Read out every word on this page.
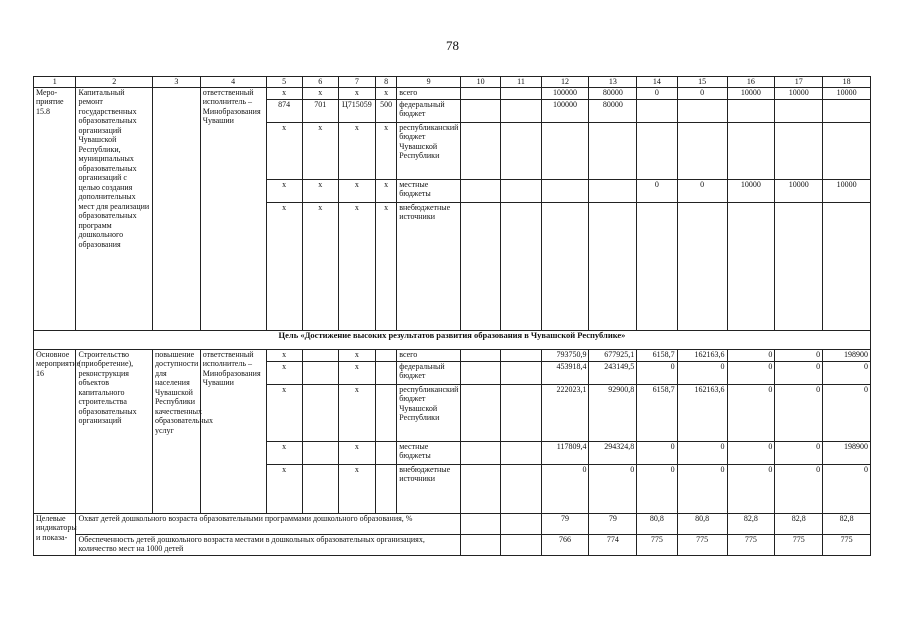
78
1	2	3	4	5	6	7	8	9	10	11	12	13	14	15	16	17	18
Меро-приятие 15.8	Капитальный ремонт государственных образовательных организаций Чувашской Республики, муниципальных образовательных организаций с целью создания дополнительных мест для реализации образовательных программ дошкольного образования		ответственный исполнитель – Минобразования Чувашии	x	x	x	x	всего			100000	80000	0	0	10000	10000	10000
				874	701	Ц715059	500	федеральный бюджет			100000	80000					
				x	x	x	x	республиканский бюджет Чувашской Республики									
				x	x	x	x	местные бюджеты					0	0	10000	10000	10000
				x	x	x	x	внебюджетные источники									
Цель «Достижение высоких результатов развития образования в Чувашской Республике»																	
Основное мероприятие 16	Строительство (приобретение), реконструкция объектов капитального строительства образовательных организаций	повышение доступности для населения Чувашской Республики качественных образовательных услуг	ответственный исполнитель – Минобразования Чувашии	x		x		всего			793750,9	677925,1	6158,7	162163,6	0	0	198900
				x		x		федеральный бюджет			453918,4	243149,5	0	0	0	0	0
				x		x		республиканский бюджет Чувашской Республики			222023,1	92900,8	6158,7	162163,6	0	0	0
				x		x		местные бюджеты			117809,4	294324,8	0	0	0	0	198900
				x		x		внебюджетные источники			0	0	0	0	0	0	0
Целевые индикаторы и показа-	Охват детей дошкольного возраста образовательными программами дошкольного образования, %										79	79	80,8	80,8	82,8	82,8	82,8
	Обеспеченность детей дошкольного возраста местами в дошкольных образовательных организациях, количество мест на 1000 детей										766	774	775	775	775	775	775
